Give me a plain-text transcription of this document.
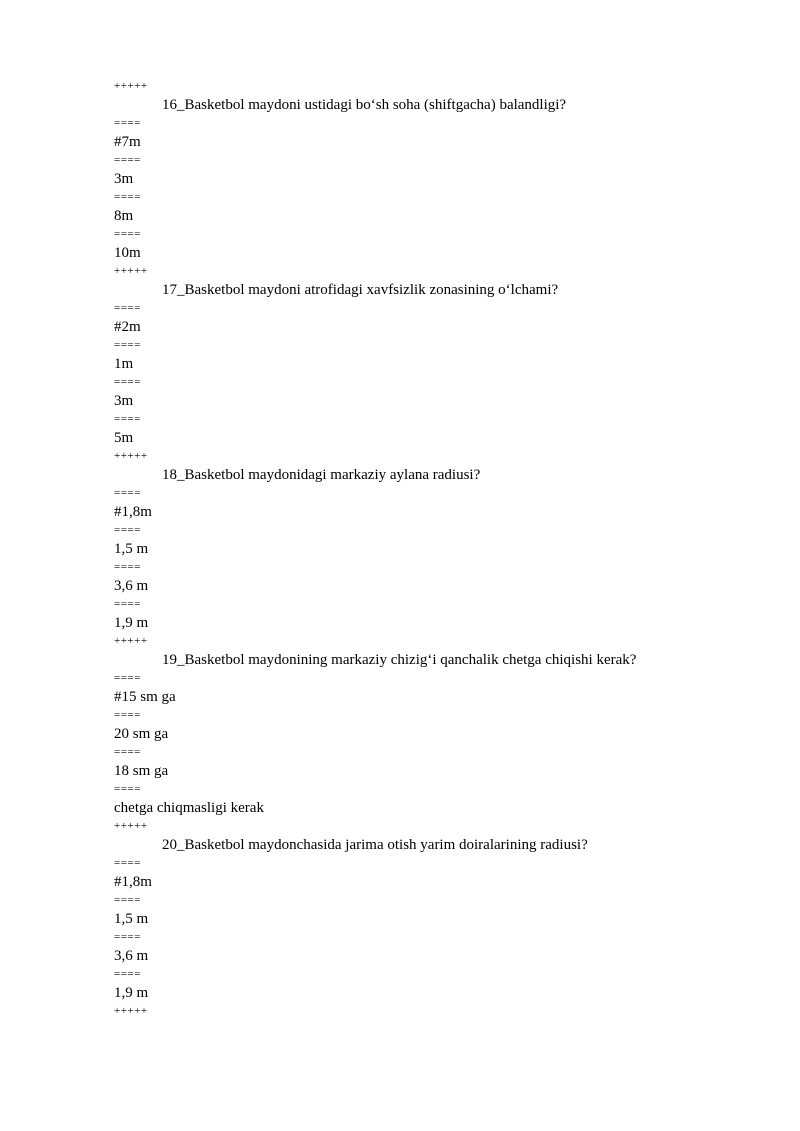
+++++
16_Basketbol maydoni ustidagi bo‘sh soha (shiftgacha) balandligi?
====
#7m
====
3m
====
8m
====
10m
+++++
17_Basketbol maydoni atrofidagi xavfsizlik zonasining o‘lchami?
====
#2m
====
1m
====
3m
====
5m
+++++
18_Basketbol maydonidagi markaziy aylana radiusi?
====
#1,8m
====
1,5 m
====
3,6 m
====
1,9 m
+++++
19_Basketbol maydonining markaziy chizig‘i qanchalik chetga chiqishi kerak?
====
#15 sm ga
====
20 sm ga
====
18 sm ga
====
chetga chiqmasligi kerak
+++++
20_Basketbol maydonchasida jarima otish yarim doiralarining radiusi?
====
#1,8m
====
1,5 m
====
3,6 m
====
1,9 m
+++++
